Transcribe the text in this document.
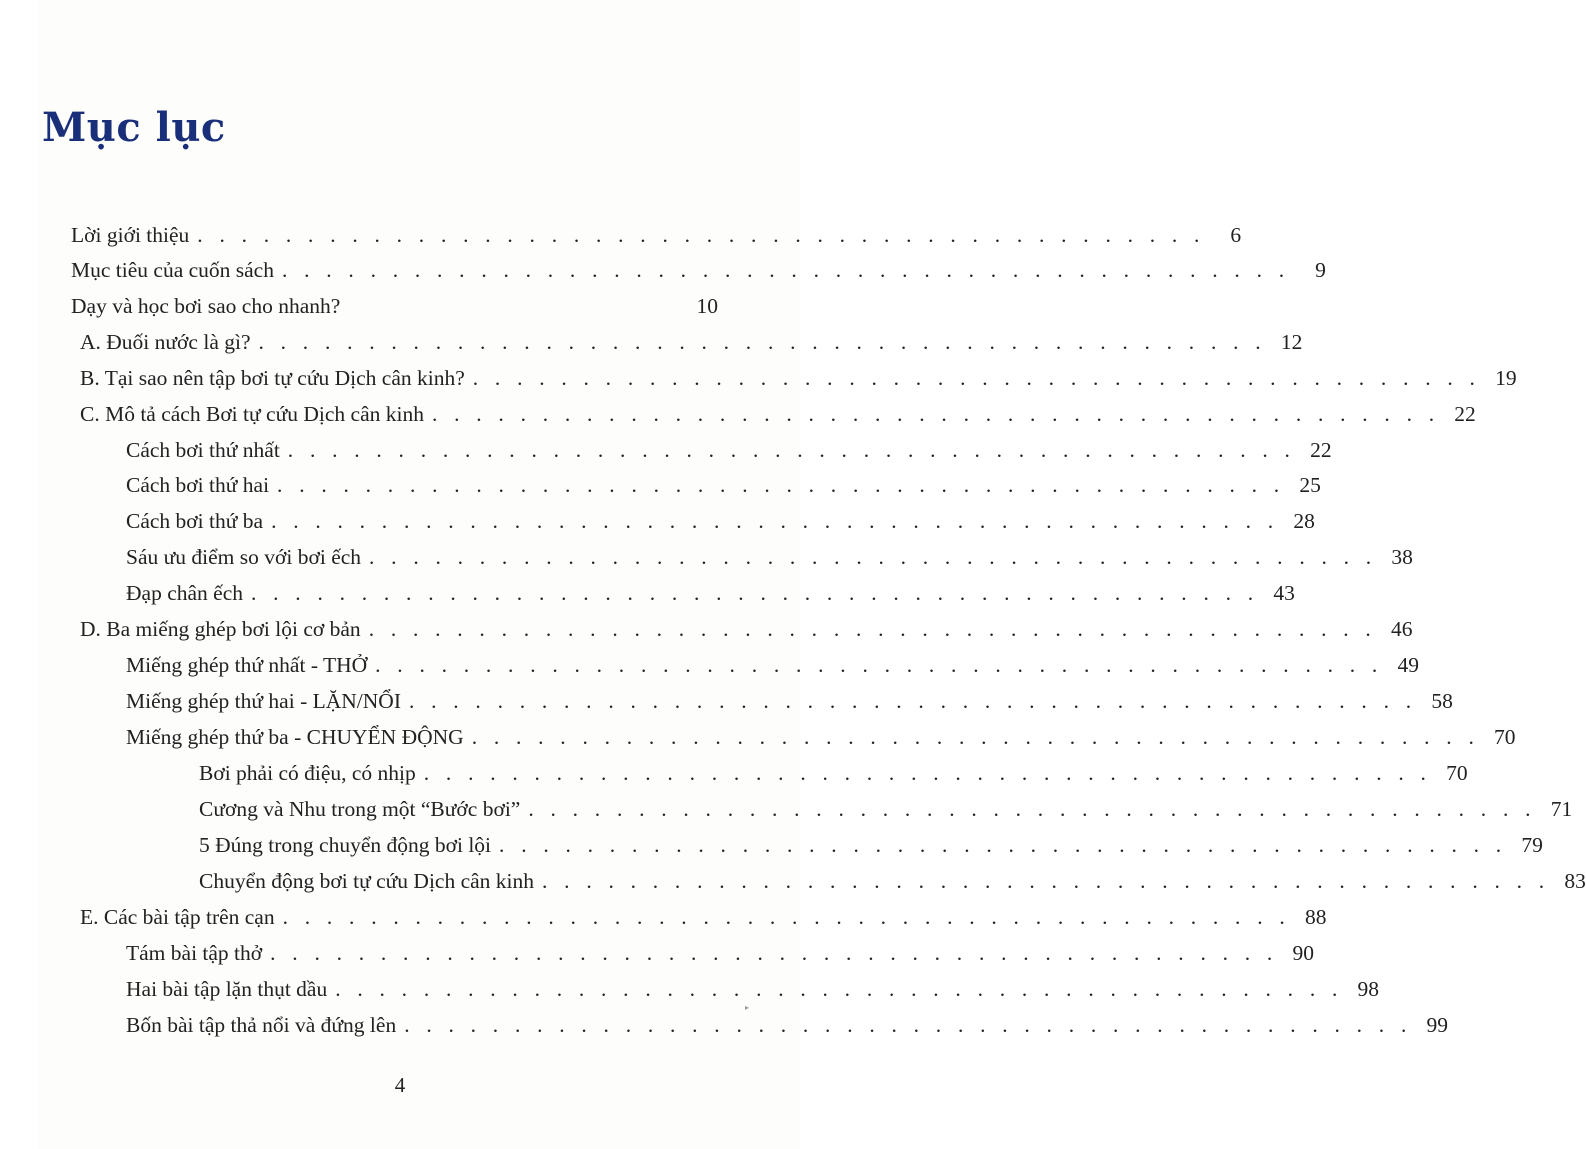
Mục lục
Lời giới thiệu . . . . . . . . . . . . . . . . . . . . . . . . . . . . . . . . . . . . . . . . . . . . . .	6
Mục tiêu của cuốn sách . . . . . . . . . . . . . . . . . . . . . . . . . . . . . . . . . . . . . . . . . . . . . .	9
Dạy và học bơi sao cho nhanh?	10
A. Đuối nước là gì? . . . . . . . . . . . . . . . . . . . . . . . . . . . . . . . . . . . . . . . . . . . . . . 12
B. Tại sao nên tập bơi tự cứu Dịch cân kinh? . . . . . . . . . . . . . . . . . . . . . . . . . . . . . . . . . . . . . . . . . . . . . . 19
C. Mô tả cách Bơi tự cứu Dịch cân kinh . . . . . . . . . . . . . . . . . . . . . . . . . . . . . . . . . . . . . . . . . . . . . . 22
Cách bơi thứ nhất . . . . . . . . . . . . . . . . . . . . . . . . . . . . . . . . . . . . . . . . . . . . . . 22
Cách bơi thứ hai . . . . . . . . . . . . . . . . . . . . . . . . . . . . . . . . . . . . . . . . . . . . . . 25
Cách bơi thứ ba . . . . . . . . . . . . . . . . . . . . . . . . . . . . . . . . . . . . . . . . . . . . . . 28
Sáu ưu điểm so với bơi ếch . . . . . . . . . . . . . . . . . . . . . . . . . . . . . . . . . . . . . . . . . . . . . . 38
Đạp chân ếch . . . . . . . . . . . . . . . . . . . . . . . . . . . . . . . . . . . . . . . . . . . . . . 43
D. Ba miếng ghép bơi lội cơ bản . . . . . . . . . . . . . . . . . . . . . . . . . . . . . . . . . . . . . . . . . . . . . . 46
Miếng ghép thứ nhất - THỞ . . . . . . . . . . . . . . . . . . . . . . . . . . . . . . . . . . . . . . . . . . . . . . 49
Miếng ghép thứ hai - LẶN/NỔI . . . . . . . . . . . . . . . . . . . . . . . . . . . . . . . . . . . . . . . . . . . . . . 58
Miếng ghép thứ ba - CHUYỂN ĐỘNG . . . . . . . . . . . . . . . . . . . . . . . . . . . . . . . . . . . . . . . . . . . . . . 70
Bơi phải có điệu, có nhịp . . . . . . . . . . . . . . . . . . . . . . . . . . . . . . . . . . . . . . . . . . . . . . 70
Cương và Nhu trong một “Bước bơi” . . . . . . . . . . . . . . . . . . . . . . . . . . . . . . . . . . . . . . . . . . . . . . 71
5 Đúng trong chuyển động bơi lội . . . . . . . . . . . . . . . . . . . . . . . . . . . . . . . . . . . . . . . . . . . . . . 79
Chuyển động bơi tự cứu Dịch cân kinh . . . . . . . . . . . . . . . . . . . . . . . . . . . . . . . . . . . . . . . . . . . . . . 83
E. Các bài tập trên cạn . . . . . . . . . . . . . . . . . . . . . . . . . . . . . . . . . . . . . . . . . . . . . . 88
Tám bài tập thở . . . . . . . . . . . . . . . . . . . . . . . . . . . . . . . . . . . . . . . . . . . . . . 90
Hai bài tập lặn thụt dầu . . . . . . . . . . . . . . . . . . . . . . . . . . . . . . . . . . . . . . . . . . . . . . 98
Bốn bài tập thả nổi và đứng lên . . . . . . . . . . . . . . . . . . . . . . . . . . . . . . . . . . . . . . . . . . . . . . 99
▸
4
